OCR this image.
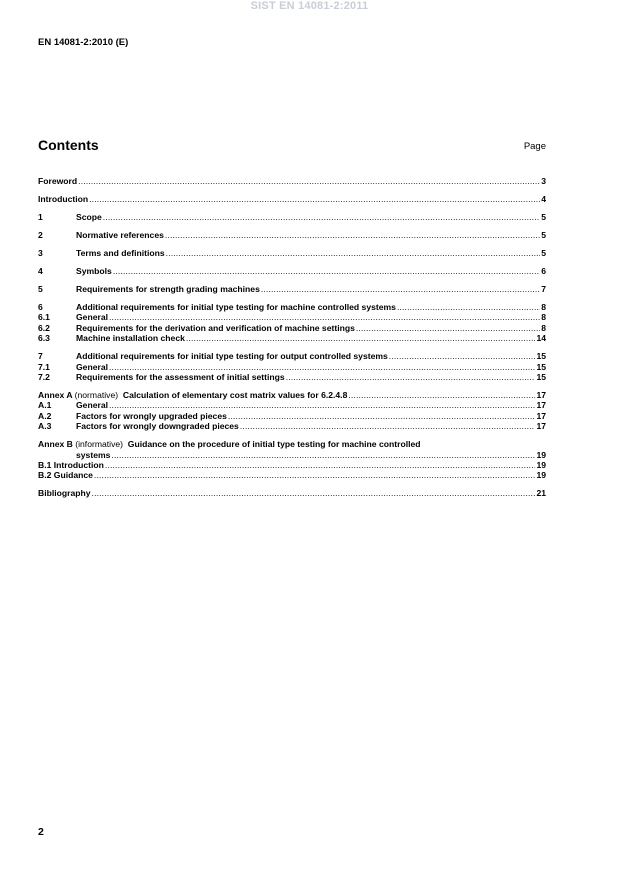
SIST EN 14081-2:2011
EN 14081-2:2010 (E)
Contents	Page
Foreword .....	3
Introduction .....	4
1	Scope .....	5
2	Normative references .....	5
3	Terms and definitions .....	5
4	Symbols .....	6
5	Requirements for strength grading machines .....	7
6	Additional requirements for initial type testing for machine controlled systems .....	8
6.1	General .....	8
6.2	Requirements for the derivation and verification of machine settings .....	8
6.3	Machine installation check .....	14
7	Additional requirements for initial type testing for output controlled systems .....	15
7.1	General .....	15
7.2	Requirements for the assessment of initial settings .....	15
Annex A (normative) Calculation of elementary cost matrix values for 6.2.4.8 .....	17
A.1	General .....	17
A.2	Factors for wrongly upgraded pieces .....	17
A.3	Factors for wrongly downgraded pieces .....	17
Annex B (informative) Guidance on the procedure of initial type testing for machine controlled
systems .....	19
B.1 Introduction .....	19
B.2 Guidance .....	19
Bibliography .....	21
2
